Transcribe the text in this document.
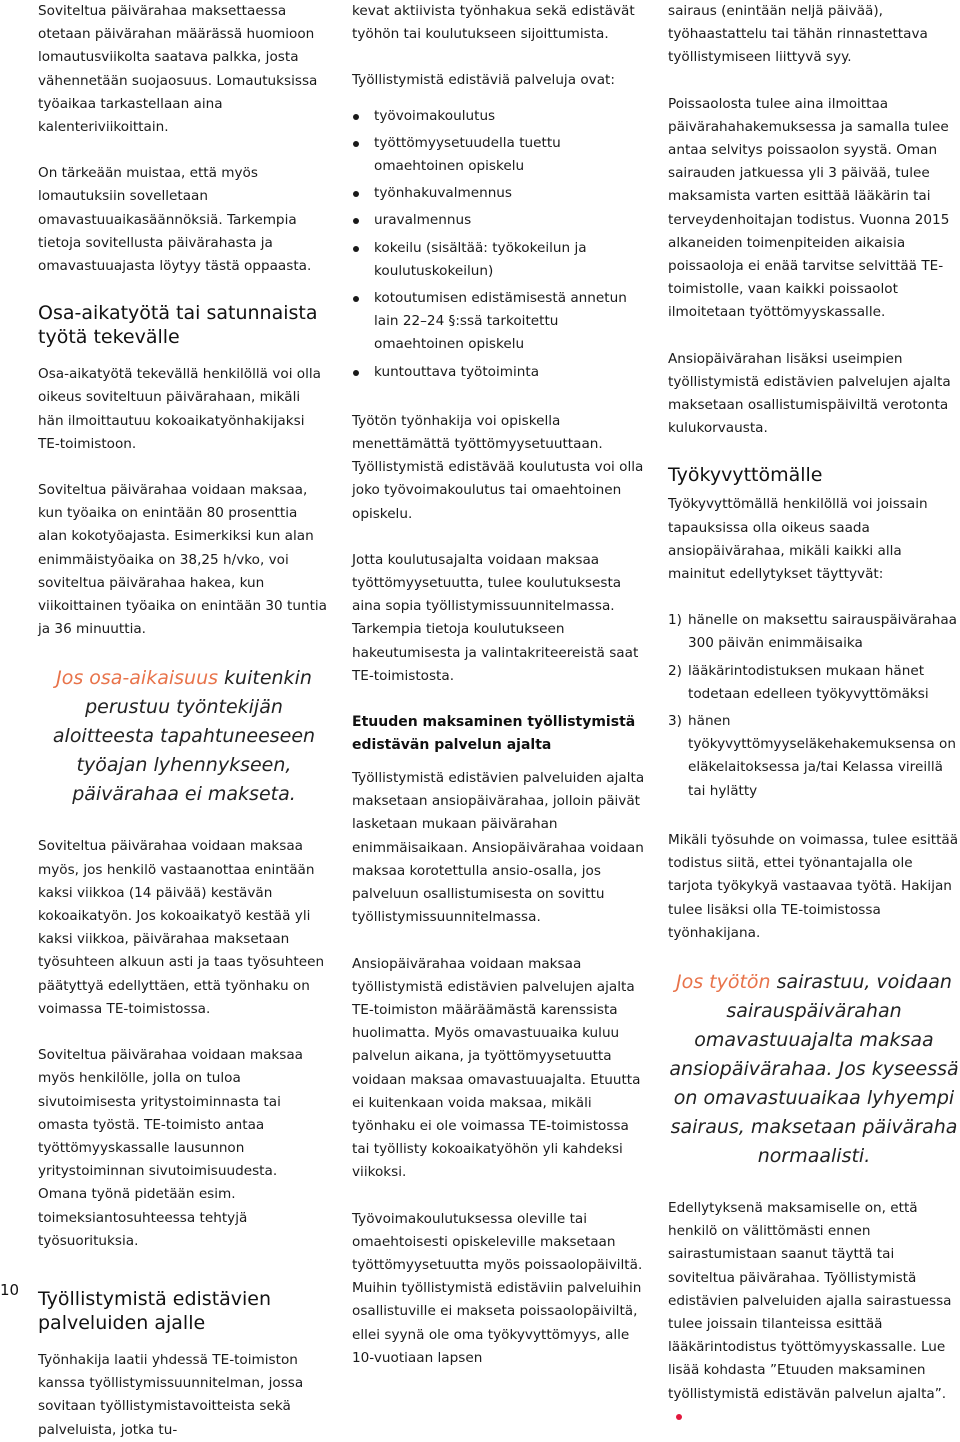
Soviteltua päivärahaa maksettaessa otetaan päivärahan määrässä huomioon lomautusviikolta saatava palkka, josta vähennetään suojaosuus. Lomautuksissa työaikaa tarkastellaan aina kalenteriviikoittain.

On tärkeään muistaa, että myös lomautuksiin sovelletaan omavastuuaikasäännöksiä. Tarkempia tietoja sovitellusta päivärahasta ja omavastuuajasta löytyy tästä oppaasta.

Osa-aikatyötä tai satunnaista työtä tekevälle

Osa-aikatyötä tekevällä henkilöllä voi olla oikeus soviteltuun päivärahaan, mikäli hän ilmoittautuu kokoaikatyönhakijaksi TE-toimistoon.

Soviteltua päivärahaa voidaan maksaa, kun työaika on enintään 80 prosenttia alan kokotyöajasta. Esimerkiksi kun alan enimmäistyöaika on 38,25 h/vko, voi soviteltua päivärahaa hakea, kun viikoittainen työaika on enintään 30 tuntia ja 36 minuuttia.

Jos osa-aikaisuus kuitenkin perustuu työntekijän aloitteesta tapahtuneeseen työajan lyhennykseen, päivärahaa ei makseta.

Soviteltua päivärahaa voidaan maksaa myös, jos henkilö vastaanottaa enintään kaksi viikkoa (14 päivää) kestävän kokoaikatyön. Jos kokoaikatyö kestää yli kaksi viikkoa, päivärahaa maksetaan työsuhteen alkuun asti ja taas työsuhteen päätyttyä edellyttäen, että työnhaku on voimassa TE-toimistossa.

Soviteltua päivärahaa voidaan maksaa myös henkilölle, jolla on tuloa sivutoimisesta yritystoiminnasta tai omasta työstä. TE-toimisto antaa työttömyyskassalle lausunnon yritystoiminnan sivutoimisuudesta. Omana työnä pidetään esim. toimeksiantosuhteessa tehtyjä työsuorituksia.

Työllistymistä edistävien palveluiden ajalle

Työnhakija laatii yhdessä TE-toimiston kanssa työllistymissuunnitelman, jossa sovitaan työllistymistavoitteista sekä palveluista, jotka tu-

kevat aktiivista työnhakua sekä edistävät työhön tai koulutukseen sijoittumista.

Työllistymistä edistäviä palveluja ovat:

työvoimakoulutus
työttömyysetuudella tuettu omaehtoinen opiskelu
työnhakuvalmennus
uravalmennus
kokeilu (sisältää: työkokeilun ja koulutuskokeilun)
kotoutumisen edistämisestä annetun lain 22–24 §:ssä tarkoitettu omaehtoinen opiskelu
kuntouttava työtoiminta

Työtön työnhakija voi opiskella menettämättä työttömyysetuuttaan. Työllistymistä edistävää koulutusta voi olla joko työvoimakoulutus tai omaehtoinen opiskelu.

Jotta koulutusajalta voidaan maksaa työttömyysetuutta, tulee koulutuksesta aina sopia työllistymissuunnitelmassa. Tarkempia tietoja koulutukseen hakeutumisesta ja valintakriteereistä saat TE-toimistosta.

Etuuden maksaminen työllistymistä edistävän palvelun ajalta

Työllistymistä edistävien palveluiden ajalta maksetaan ansiopäivärahaa, jolloin päivät lasketaan mukaan päivärahan enimmäisaikaan. Ansiopäivärahaa voidaan maksaa korotettulla ansio-osalla, jos palveluun osallistumisesta on sovittu työllistymissuunnitelmassa.

Ansiopäivärahaa voidaan maksaa työllistymistä edistävien palvelujen ajalta TE-toimiston määräämästä karenssista huolimatta. Myös omavastuuaika kuluu palvelun aikana, ja työttömyysetuutta voidaan maksaa omavastuuajalta. Etuutta ei kuitenkaan voida maksaa, mikäli työnhaku ei ole voimassa TE-toimistossa tai työllisty kokoaikatyöhön yli kahdeksi viikoksi.

Työvoimakoulutuksessa oleville tai omaehtoisesti opiskeleville maksetaan työttömyysetuutta myös poissaolopäiviltä. Muihin työllistymistä edistäviin palveluihin osallistuville ei makseta poissaolopäiviltä, ellei syynä ole oma työkyvyttömyys, alle 10-vuotiaan lapsen

sairaus (enintään neljä päivää), työhaastattelu tai tähän rinnastettava työllistymiseen liittyvä syy.

Poissaolosta tulee aina ilmoittaa päivärahahakemuksessa ja samalla tulee antaa selvitys poissaolon syystä. Oman sairauden jatkuessa yli 3 päivää, tulee maksamista varten esittää lääkärin tai terveydenhoitajan todistus. Vuonna 2015 alkaneiden toimenpiteiden aikaisia poissaoloja ei enää tarvitse selvittää TE-toimistolle, vaan kaikki poissaolot ilmoitetaan työttömyyskassalle.

Ansiopäivärahan lisäksi useimpien työllistymistä edistävien palvelujen ajalta maksetaan osallistumispäiviltä verotonta kulukorvausta.

Työkyvyttömälle

Työkyvyttömällä henkilöllä voi joissain tapauksissa olla oikeus saada ansiopäivärahaa, mikäli kaikki alla mainitut edellytykset täyttyvät:

1) hänelle on maksettu sairauspäivärahaa 300 päivän enimmäisaika
2) lääkärintodistuksen mukaan hänet todetaan edelleen työkyvyttömäksi
3) hänen työkyvyttömyyseläkehakemuksensa on eläkelaitoksessa ja/tai Kelassa vireillä tai hylätty

Mikäli työsuhde on voimassa, tulee esittää todistus siitä, ettei työnantajalla ole tarjota työkykyä vastaavaa työtä. Hakijan tulee lisäksi olla TE-toimistossa työnhakijana.

Jos työtön sairastuu, voidaan sairauspäivärahan omavastuuajalta maksaa ansiopäivärahaa. Jos kyseessä on omavastuuaikaa lyhyempi sairaus, maksetaan päiväraha normaalisti.

Edellytyksenä maksamiselle on, että henkilö on välittömästi ennen sairastumistaan saanut täyttä tai soviteltua päivärahaa. Työllistymistä edistävien palveluiden ajalla sairastuessa tulee joissain tilanteissa esittää lääkärintodistus työttömyyskassalle. Lue lisää kohdasta ”Etuuden maksaminen työllistymistä edistävän palvelun ajalta”.

10
